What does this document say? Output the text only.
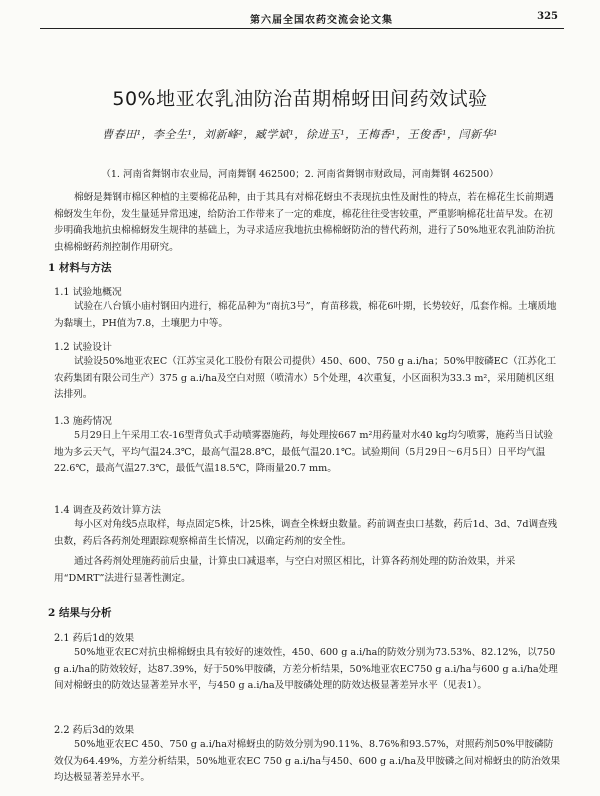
第六届全国农药交流会论文集	325
50%地亚农乳油防治苗期棉蚜田间药效试验
曹春田¹，李全生¹，刘新峰²，臧学斌¹，徐进玉¹，王梅香¹，王俊香¹，闫新华¹
（1. 河南省舞钢市农业局，河南舞钢 462500；2. 河南省舞钢市财政局，河南舞钢 462500）
棉蚜是舞钢市棉区种植的主要棉花品种，由于其具有对棉花蚜虫不表现抗虫性及耐性的特点，若在棉花生长前期遇棉蚜发生年份，发生量延异常迅速，给防治工作带来了一定的难度，棉花往往受害较重，严重影响棉花壮苗早发。在初步明确我地抗虫棉棉蚜发生规律的基础上，为寻求适应我地抗虫棉棉蚜防治的替代药剂，进行了50%地亚农乳油防治抗虫棉棉蚜药剂控制作用研究。
1 材料与方法
1.1 试验地概况
试验在八台镇小庙村钢田内进行，棉花品种为“南抗3号”，育苗移栽，棉花6叶期，长势较好，瓜套作棉。土壤质地为黏壤土，PH值为7.8，土壤肥力中等。
1.2 试验设计
试验设50%地亚农EC（江苏宝灵化工股份有限公司提供）450、600、750 g a.i/ha；50%甲胺磷EC（江苏化工农药集团有限公司生产）375 g a.i/ha及空白对照（喷清水）5个处理，4次重复，小区面积为33.3 m²，采用随机区组法排列。
1.3 施药情况
5月29日上午采用工农-16型背负式手动喷雾器施药，每处理按667 m²用药量对水40 kg均匀喷雾，施药当日试验地为多云天气，平均气温24.3℃，最高气温28.8℃，最低气温20.1℃。试验期间（5月29日～6月5日）日平均气温22.6℃，最高气温27.3℃，最低气温18.5℃，降雨量20.7 mm。
1.4 调查及药效计算方法
每小区对角线5点取样，每点固定5株，计25株，调查全株蚜虫数量。药前调查虫口基数，药后1d、3d、7d调查残虫数，药后各药剂处理跟踪观察棉苗生长情况，以确定药剂的安全性。
通过各药剂处理施药前后虫量，计算虫口减退率，与空白对照区相比，计算各药剂处理的防治效果，并采用“DMRT”法进行显著性测定。
2 结果与分析
2.1 药后1d的效果
50%地亚农EC对抗虫棉棉蚜虫具有较好的速效性，450、600 g a.i/ha的防效分别为73.53%、82.12%，以750 g a.i/ha的防效较好，达87.39%，好于50%甲胺磷，方差分析结果，50%地亚农EC750 g a.i/ha与600 g a.i/ha处理间对棉蚜虫的防效达显著差异水平，与450 g a.i/ha及甲胺磷处理的防效达极显著差异水平（见表1）。
2.2 药后3d的效果
50%地亚农EC 450、750 g a.i/ha对棉蚜虫的防效分别为90.11%、8.76%和93.57%，对照药剂50%甲胺磷防效仅为64.49%，方差分析结果，50%地亚农EC 750 g a.i/ha与450、600 g a.i/ha及甲胺磷之间对棉蚜虫的防治效果均达极显著差异水平。
